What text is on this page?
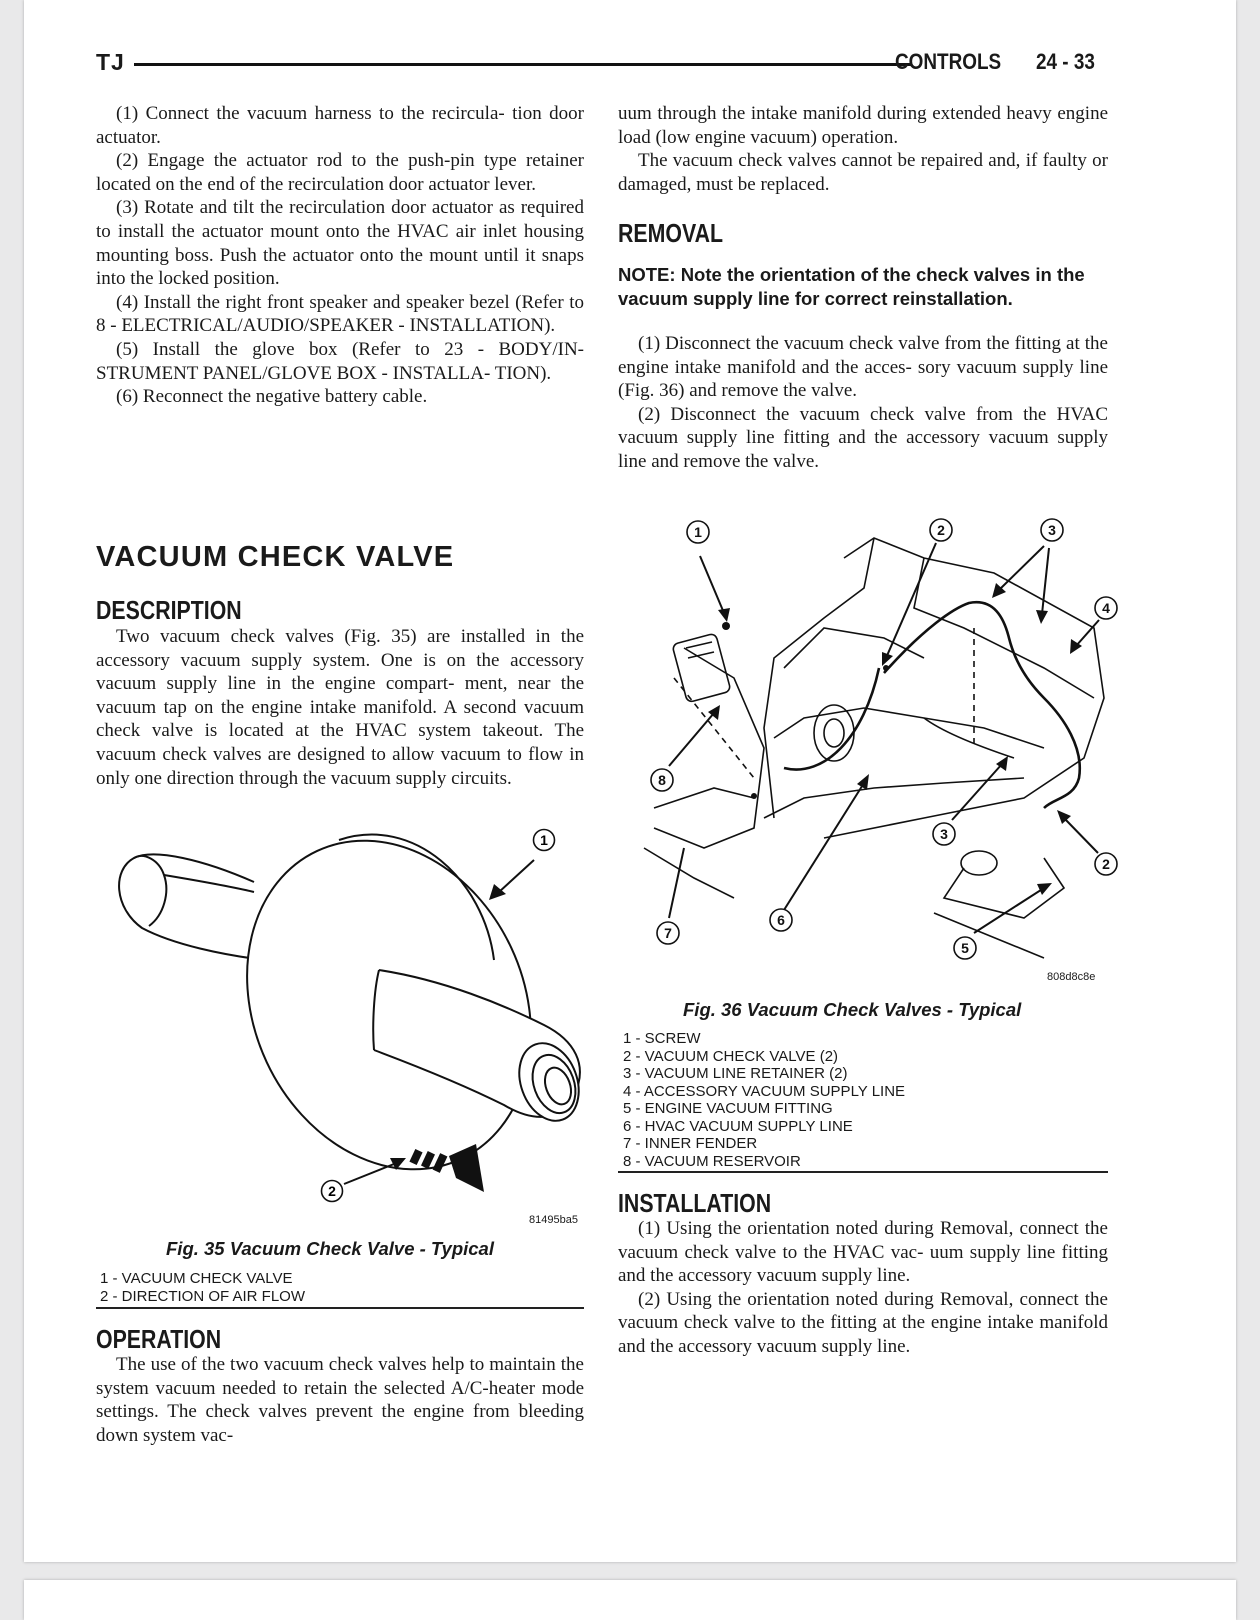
TJ	CONTROLS 24 - 33

(1) Connect the vacuum harness to the recircula- tion door actuator.

(2) Engage the actuator rod to the push-pin type retainer located on the end of the recirculation door actuator lever.

(3) Rotate and tilt the recirculation door actuator as required to install the actuator mount onto the HVAC air inlet housing mounting boss. Push the actuator onto the mount until it snaps into the locked position.

(4) Install the right front speaker and speaker bezel (Refer to 8 - ELECTRICAL/AUDIO/SPEAKER - INSTALLATION).

(5) Install the glove box (Refer to 23 - BODY/IN- STRUMENT PANEL/GLOVE BOX - INSTALLA- TION).

(6) Reconnect the negative battery cable.

VACUUM CHECK VALVE
DESCRIPTION

Two vacuum check valves (Fig. 35) are installed in the accessory vacuum supply system. One is on the accessory vacuum supply line in the engine compart- ment, near the vacuum tap on the engine intake manifold. A second vacuum check valve is located at the HVAC system takeout. The vacuum check valves are designed to allow vacuum to flow in only one direction through the vacuum supply circuits.

1
2
81495ba5
Fig. 35 Vacuum Check Valve - Typical
1 - VACUUM CHECK VALVE
2 - DIRECTION OF AIR FLOW
OPERATION

The use of the two vacuum check valves help to maintain the system vacuum needed to retain the selected A/C-heater mode settings. The check valves prevent the engine from bleeding down system vac-

uum through the intake manifold during extended heavy engine load (low engine vacuum) operation.

The vacuum check valves cannot be repaired and, if faulty or damaged, must be replaced.

REMOVAL
NOTE: Note the orientation of the check valves in the vacuum supply line for correct reinstallation.

(1) Disconnect the vacuum check valve from the fitting at the engine intake manifold and the acces- sory vacuum supply line (Fig. 36) and remove the valve.

(2) Disconnect the vacuum check valve from the HVAC vacuum supply line fitting and the accessory vacuum supply line and remove the valve.

1	2	3
4
8
3
2
6
7
5
808d8c8e
Fig. 36 Vacuum Check Valves - Typical
1 - SCREW
2 - VACUUM CHECK VALVE (2)
3 - VACUUM LINE RETAINER (2)
4 - ACCESSORY VACUUM SUPPLY LINE
5 - ENGINE VACUUM FITTING
6 - HVAC VACUUM SUPPLY LINE
7 - INNER FENDER
8 - VACUUM RESERVOIR
INSTALLATION

(1) Using the orientation noted during Removal, connect the vacuum check valve to the HVAC vac- uum supply line fitting and the accessory vacuum supply line.

(2) Using the orientation noted during Removal, connect the vacuum check valve to the fitting at the engine intake manifold and the accessory vacuum supply line.
